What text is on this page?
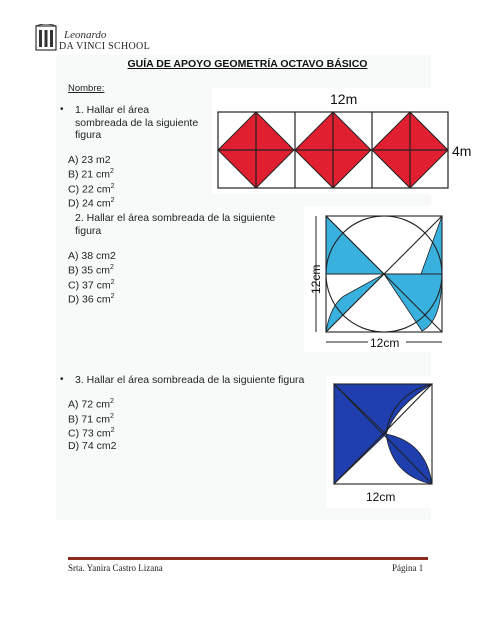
Leonardo
DA VINCI SCHOOL
GUÍA DE APOYO GEOMETRÍA OCTAVO BÁSICO
Nombre:
• 1. Hallar el área
sombreada de la siguiente
figura
A) 23 m2
B) 21 $cm^2$
C) 22 $cm^2$
D) 24 $cm^2$
12m
4m
2. Hallar el área sombreada de la siguiente
figura
A) 38 cm2
B) 35 $cm^2$
C) 37 $cm^2$
D) 36 $cm^2$
12cm
12cm
• 3. Hallar el área sombreada de la siguiente figura
A) 72 $cm^2$
B) 71 $cm^2$
C) 73 $cm^2$
D) 74 cm2
12cm
Srta. Yanira Castro Lizana	Página 1
